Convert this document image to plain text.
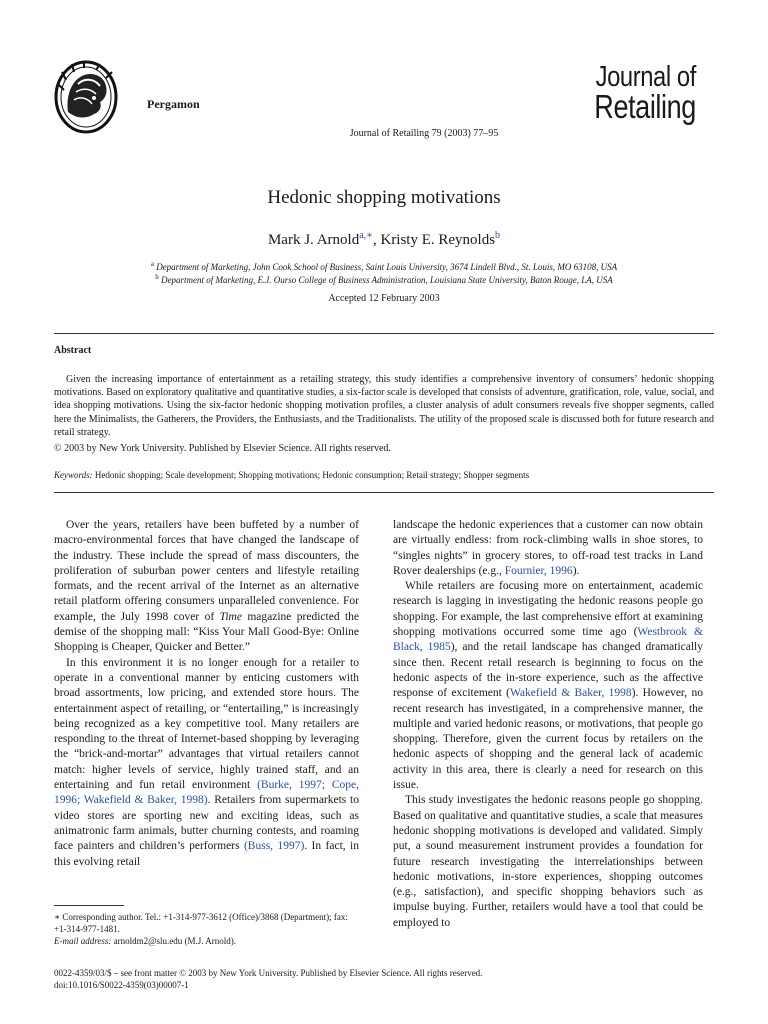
Pergamon
Journal of
Retailing
Journal of Retailing 79 (2003) 77–95
Hedonic shopping motivations
Mark J. Arnold$^{a,∗}$, Kristy E. Reynolds$^b$
$^a$ Department of Marketing, John Cook School of Business, Saint Louis University, 3674 Lindell Blvd., St. Louis, MO 63108, USA
$^b$ Department of Marketing, E.J. Ourso College of Business Administration, Louisiana State University, Baton Rouge, LA, USA
Accepted 12 February 2003
Abstract
Given the increasing importance of entertainment as a retailing strategy, this study identifies a comprehensive inventory of consumers’ hedonic shopping motivations. Based on exploratory qualitative and quantitative studies, a six-factor scale is developed that consists of adventure, gratification, role, value, social, and idea shopping motivations. Using the six-factor hedonic shopping motivation profiles, a cluster analysis of adult consumers reveals five shopper segments, called here the Minimalists, the Gatherers, the Providers, the Enthusiasts, and the Traditionalists. The utility of the proposed scale is discussed both for future research and retail strategy.
© 2003 by New York University. Published by Elsevier Science. All rights reserved.
Keywords: Hedonic shopping; Scale development; Shopping motivations; Hedonic consumption; Retail strategy; Shopper segments

Over the years, retailers have been buffeted by a number of macro-environmental forces that have changed the landscape of the industry. These include the spread of mass discounters, the proliferation of suburban power centers and lifestyle retailing formats, and the recent arrival of the Internet as an alternative retail platform offering consumers unparalleled convenience. For example, the July 1998 cover of Time magazine predicted the demise of the shopping mall: “Kiss Your Mall Good-Bye: Online Shopping is Cheaper, Quicker and Better.”

In this environment it is no longer enough for a retailer to operate in a conventional manner by enticing customers with broad assortments, low pricing, and extended store hours. The entertainment aspect of retailing, or “entertailing,” is increasingly being recognized as a key competitive tool. Many retailers are responding to the threat of Internet-based shopping by leveraging the “brick-and-mortar” advantages that virtual retailers cannot match: higher levels of service, highly trained staff, and an entertaining and fun retail environment (Burke, 1997; Cope, 1996; Wakefield & Baker, 1998). Retailers from supermarkets to video stores are sporting new and exciting ideas, such as animatronic farm animals, butter churning contests, and roaming face painters and children’s performers (Buss, 1997). In fact, in this evolving retail

landscape the hedonic experiences that a customer can now obtain are virtually endless: from rock-climbing walls in shoe stores, to “singles nights” in grocery stores, to off-road test tracks in Land Rover dealerships (e.g., Fournier, 1996).

While retailers are focusing more on entertainment, academic research is lagging in investigating the hedonic reasons people go shopping. For example, the last comprehensive effort at examining shopping motivations occurred some time ago (Westbrook & Black, 1985), and the retail landscape has changed dramatically since then. Recent retail research is beginning to focus on the hedonic aspects of the in-store experience, such as the affective response of excitement (Wakefield & Baker, 1998). However, no recent research has investigated, in a comprehensive manner, the multiple and varied hedonic reasons, or motivations, that people go shopping. Therefore, given the current focus by retailers on the hedonic aspects of shopping and the general lack of academic activity in this area, there is clearly a need for research on this issue.

This study investigates the hedonic reasons people go shopping. Based on qualitative and quantitative studies, a scale that measures hedonic shopping motivations is developed and validated. Simply put, a sound measurement instrument provides a foundation for future research investigating the interrelationships between hedonic motivations, in-store experiences, shopping outcomes (e.g., satisfaction), and specific shopping behaviors such as impulse buying. Further, retailers would have a tool that could be employed to

∗ Corresponding author. Tel.: +1-314-977-3612 (Office)/3868 (Department); fax: +1-314-977-1481.
E-mail address: arnoldm2@slu.edu (M.J. Arnold).
0022-4359/03/$ – see front matter © 2003 by New York University. Published by Elsevier Science. All rights reserved.
doi:10.1016/S0022-4359(03)00007-1
